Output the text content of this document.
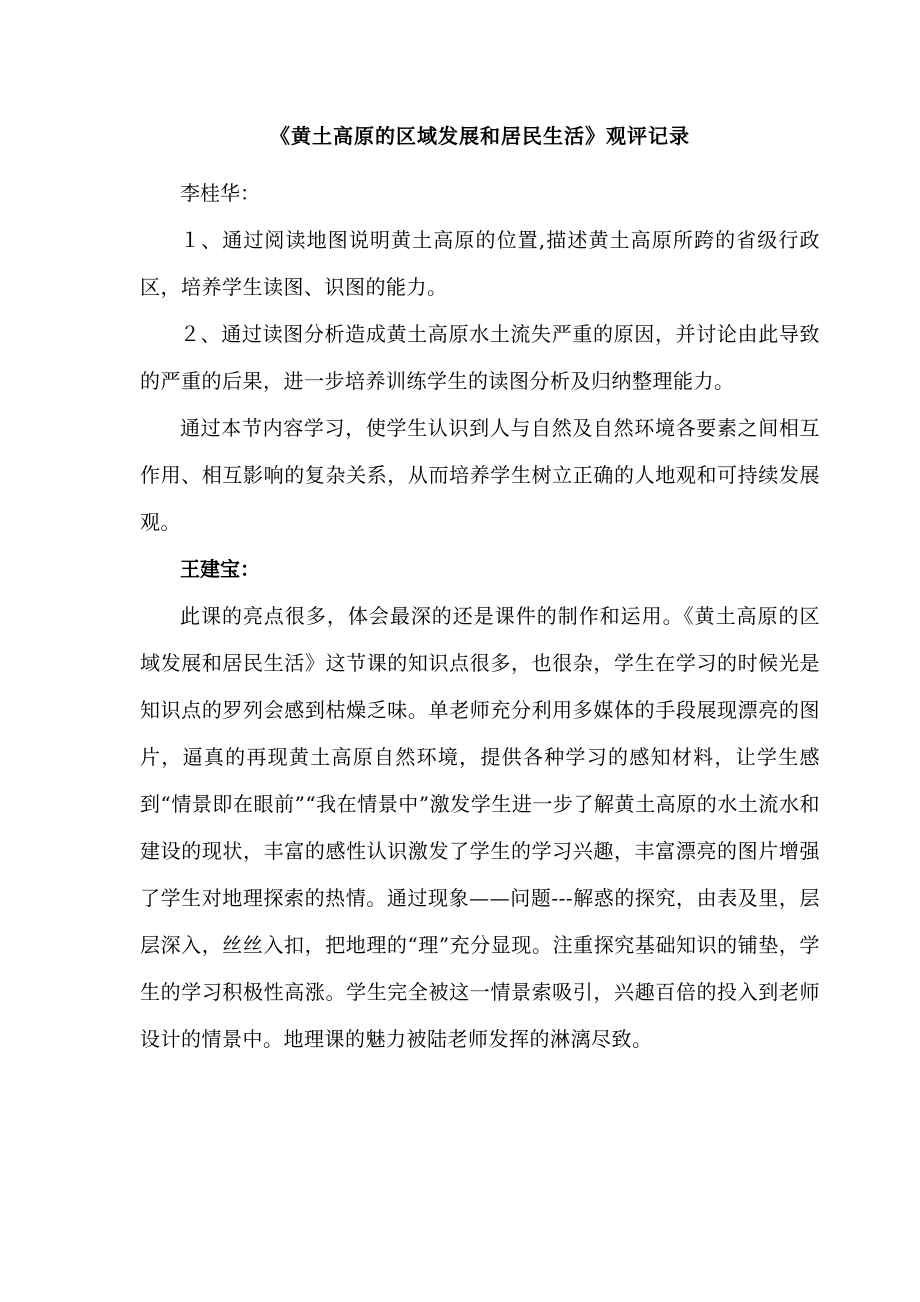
《黄土高原的区域发展和居民生活》观评记录

李桂华：

１、通过阅读地图说明黄土高原的位置,描述黄土高原所跨的省级行政区，培养学生读图、识图的能力。

２、通过读图分析造成黄土高原水土流失严重的原因，并讨论由此导致的严重的后果，进一步培养训练学生的读图分析及归纳整理能力。

通过本节内容学习，使学生认识到人与自然及自然环境各要素之间相互作用、相互影响的复杂关系，从而培养学生树立正确的人地观和可持续发展观。

王建宝：

此课的亮点很多，体会最深的还是课件的制作和运用。《黄土高原的区域发展和居民生活》这节课的知识点很多，也很杂，学生在学习的时候光是知识点的罗列会感到枯燥乏味。单老师充分利用多媒体的手段展现漂亮的图片，逼真的再现黄土高原自然环境，提供各种学习的感知材料，让学生感到“情景即在眼前”“我在情景中”激发学生进一步了解黄土高原的水土流水和建设的现状，丰富的感性认识激发了学生的学习兴趣，丰富漂亮的图片增强了学生对地理探索的热情。通过现象——问题---解惑的探究，由表及里，层层深入，丝丝入扣，把地理的“理”充分显现。注重探究基础知识的铺垫，学生的学习积极性高涨。学生完全被这一情景索吸引，兴趣百倍的投入到老师设计的情景中。地理课的魅力被陆老师发挥的淋漓尽致。
